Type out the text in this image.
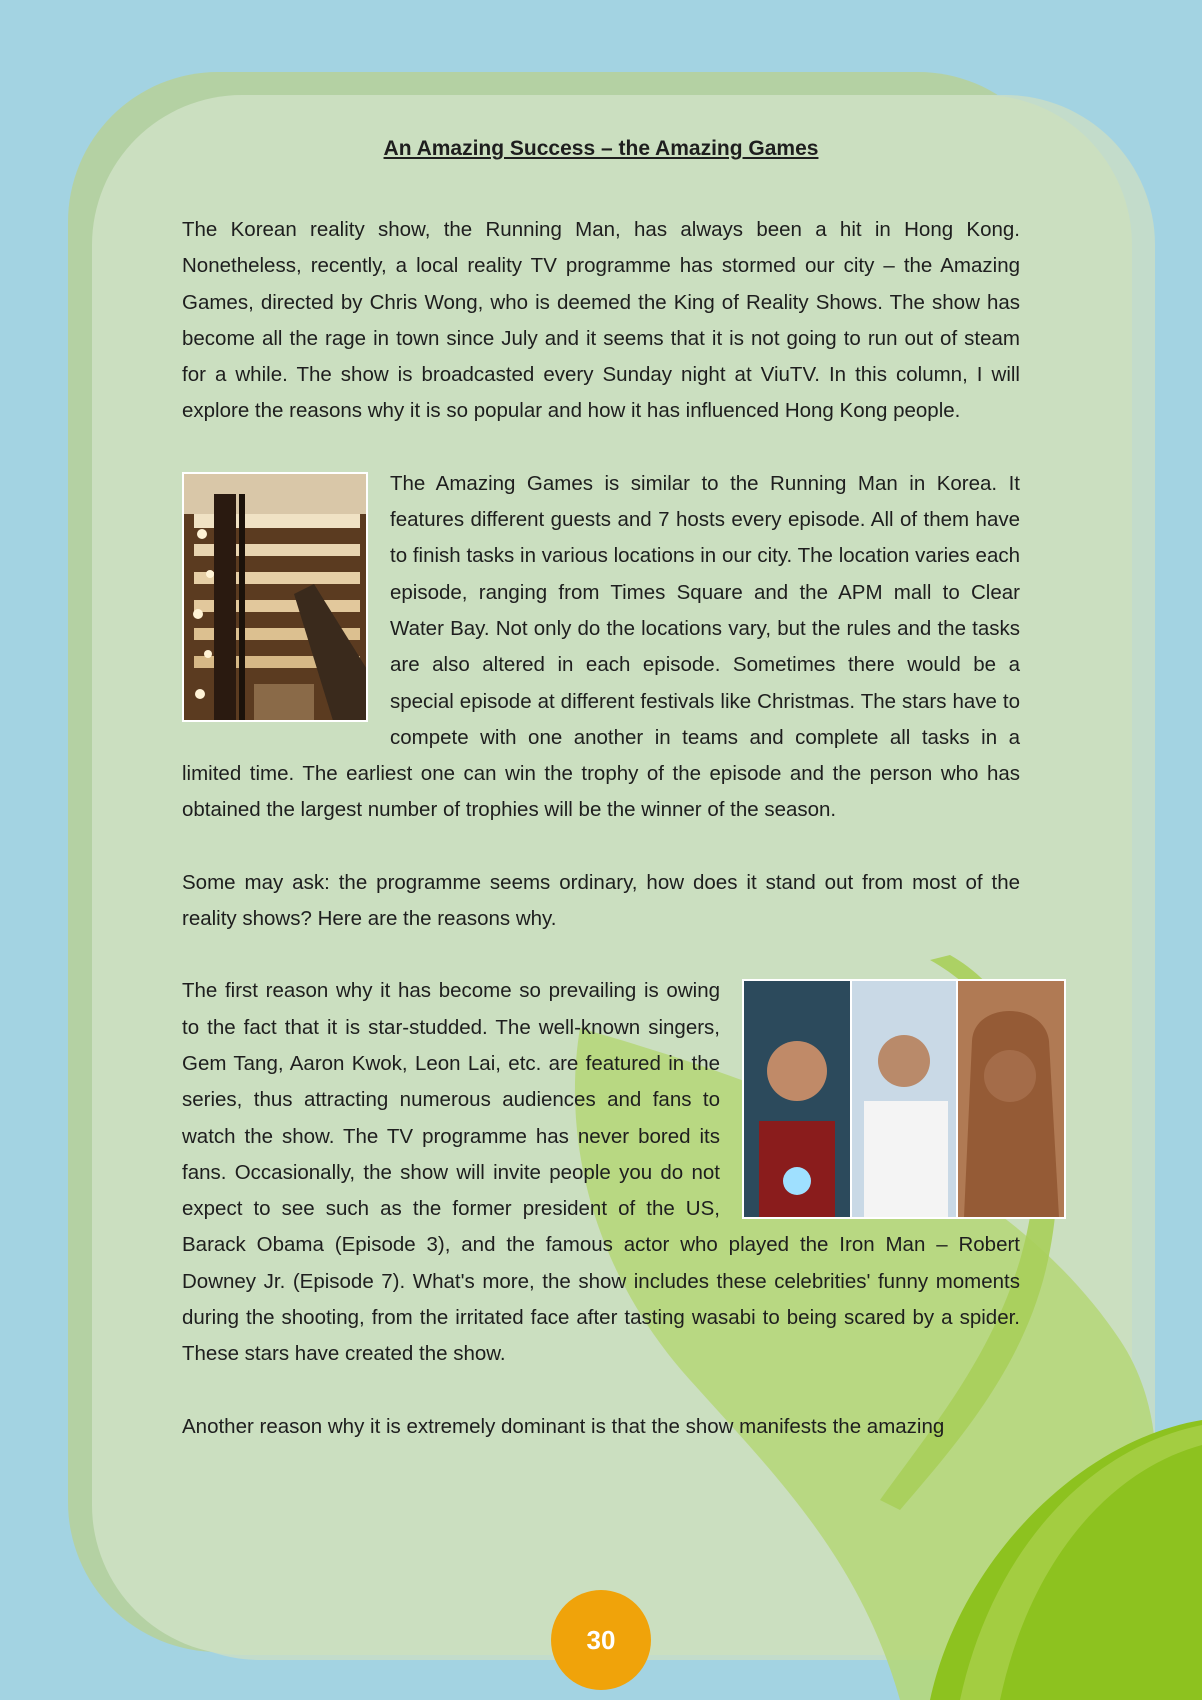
An Amazing Success – the Amazing Games

The Korean reality show, the Running Man, has always been a hit in Hong Kong. Nonetheless, recently, a local reality TV programme has stormed our city – the Amazing Games, directed by Chris Wong, who is deemed the King of Reality Shows. The show has become all the rage in town since July and it seems that it is not going to run out of steam for a while. The show is broadcasted every Sunday night at ViuTV. In this column, I will explore the reasons why it is so popular and how it has influenced Hong Kong people.

The Amazing Games is similar to the Running Man in Korea. It features different guests and 7 hosts every episode. All of them have to finish tasks in various locations in our city. The location varies each episode, ranging from Times Square and the APM mall to Clear Water Bay. Not only do the locations vary, but the rules and the tasks are also altered in each episode. Sometimes there would be a special episode at different festivals like Christmas. The stars have to compete with one another in teams and complete all tasks in a limited time. The earliest one can win the trophy of the episode and the person who has obtained the largest number of trophies will be the winner of the season.

Some may ask: the programme seems ordinary, how does it stand out from most of the reality shows? Here are the reasons why.

The first reason why it has become so prevailing is owing to the fact that it is star-studded. The well-known singers, Gem Tang, Aaron Kwok, Leon Lai, etc. are featured in the series, thus attracting numerous audiences and fans to watch the show. The TV programme has never bored its fans. Occasionally, the show will invite people you do not expect to see such as the former president of the US, Barack Obama (Episode 3), and the famous actor who played the Iron Man – Robert Downey Jr. (Episode 7). What's more, the show includes these celebrities' funny moments during the shooting, from the irritated face after tasting wasabi to being scared by a spider. These stars have created the show.

Another reason why it is extremely dominant is that the show manifests the amazing

30
